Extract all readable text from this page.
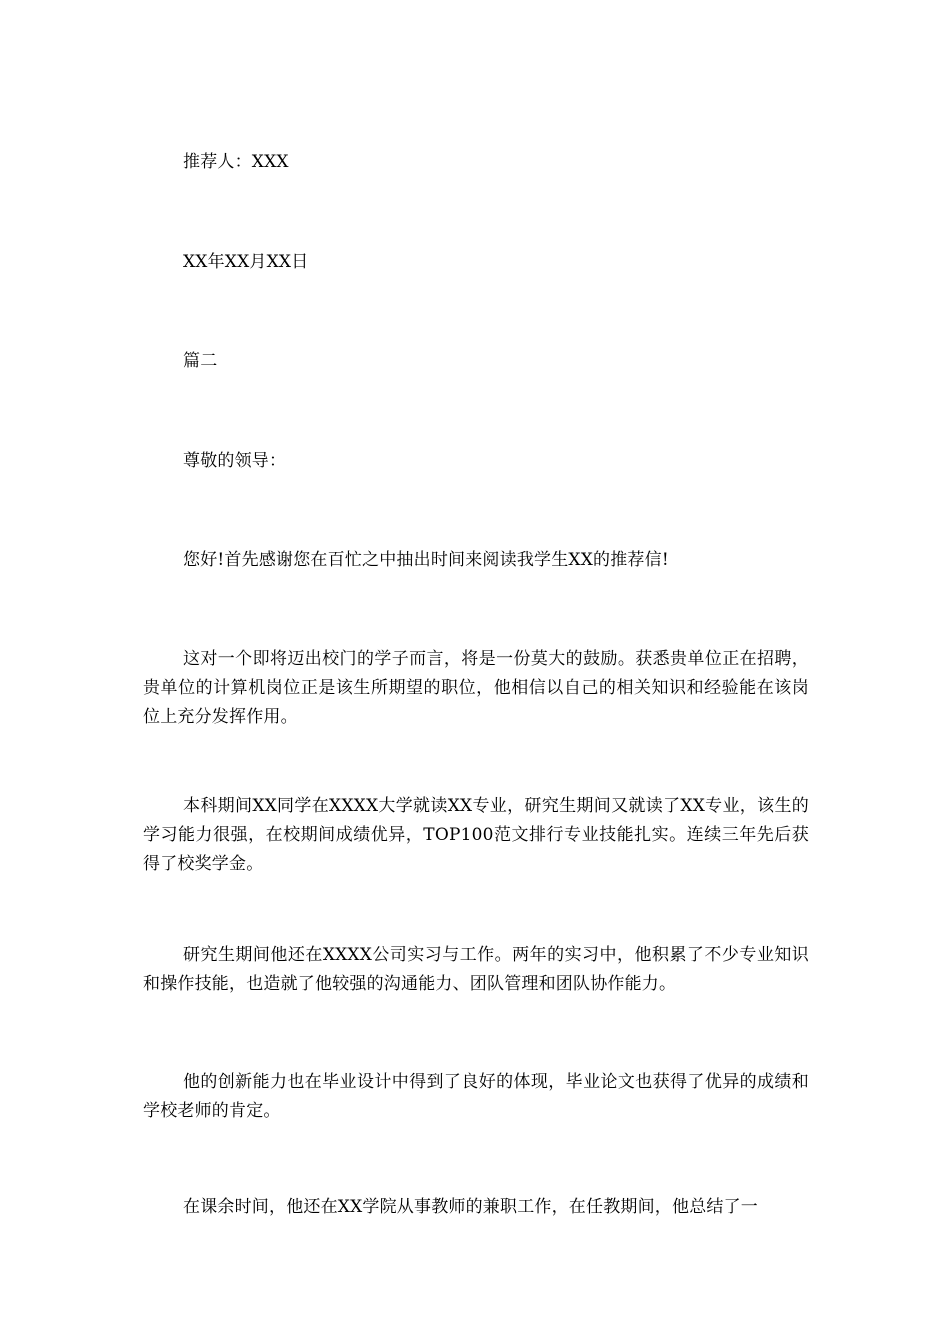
推荐人：XXX

XX年XX月XX日

篇二

尊敬的领导：

您好!首先感谢您在百忙之中抽出时间来阅读我学生XX的推荐信!

这对一个即将迈出校门的学子而言，将是一份莫大的鼓励。获悉贵单位正在招聘，贵单位的计算机岗位正是该生所期望的职位，他相信以自己的相关知识和经验能在该岗位上充分发挥作用。

本科期间XX同学在XXXX大学就读XX专业，研究生期间又就读了XX专业，该生的学习能力很强，在校期间成绩优异，TOP100范文排行专业技能扎实。连续三年先后获得了校奖学金。

研究生期间他还在XXXX公司实习与工作。两年的实习中，他积累了不少专业知识和操作技能，也造就了他较强的沟通能力、团队管理和团队协作能力。

他的创新能力也在毕业设计中得到了良好的体现，毕业论文也获得了优异的成绩和学校老师的肯定。

在课余时间，他还在XX学院从事教师的兼职工作，在任教期间，他总结了一
